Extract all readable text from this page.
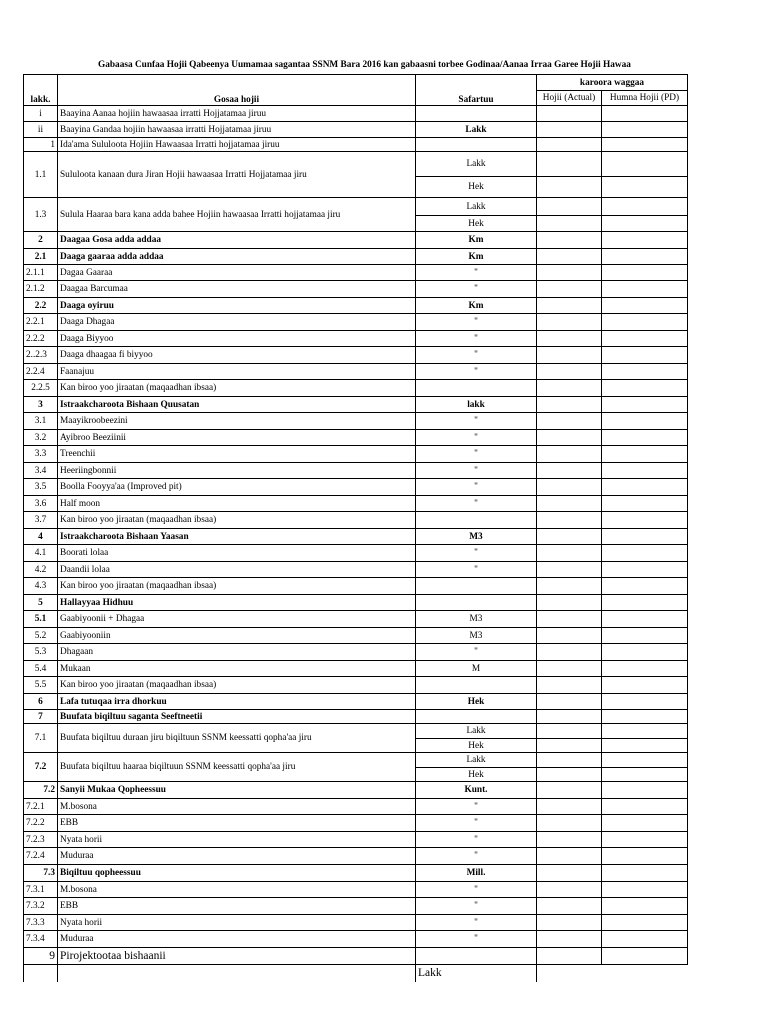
Gabaasa Cunfaa Hojii Qabeenya Uumamaa sagantaa SSNM Bara 2016 kan gabaasni torbee Godinaa/Aanaa Irraa Garee Hojii Hawaa
lakk.	Gosaa hojii	Safartuu	karoora waggaa		
			Hojii (Actual)	Humna Hojii (PD)	
i	Baayina Aanaa hojiin hawaasaa irratti Hojjatamaa jiruu				
ii	Baayina Gandaa hojiin hawaasaa irratti Hojjatamaa jiruu	Lakk			
1	Ida'ama Sululoota Hojiin Hawaasaa Irratti hojjatamaa jiruu				
1.1	Sululoota kanaan dura Jiran Hojii hawaasaa Irratti Hojjatamaa jiru	Lakk			
		Hek			
1.3	Sulula Haaraa bara kana adda bahee Hojiin hawaasaa Irratti hojjatamaa jiru	Lakk			
		Hek			
2	Daagaa Gosa adda addaa	Km			
2.1	Daaga gaaraa adda addaa	Km			
2.1.1	Dagaa Gaaraa	"			
2.1.2	Daagaa Barcumaa	"			
2.2	Daaga oyiruu	Km			
2.2.1	Daaga Dhagaa	"			
2.2.2	Daaga Biyyoo	"			
2..2.3	Daaga dhaagaa fi biyyoo	"			
2.2.4	Faanajuu	"			
2.2.5	Kan biroo yoo jiraatan (maqaadhan ibsaa)				
3	Istraakcharoota Bishaan Quusatan	lakk			
3.1	Maayikroobeezini	"			
3.2	Ayibroo Beeziinii	"			
3.3	Treenchii	"			
3.4	Heeriingbonnii	"			
3.5	Boolla Fooyya'aa (Improved pit)	"			
3.6	Half moon	"			
3.7	Kan biroo yoo jiraatan (maqaadhan ibsaa)				
4	Istraakcharoota Bishaan Yaasan	M3			
4.1	Boorati lolaa	"			
4.2	Daandii lolaa	"			
4.3	Kan biroo yoo jiraatan (maqaadhan ibsaa)				
5	Hallayyaa Hidhuu				
5.1	Gaabiyoonii + Dhagaa	M3			
5.2	Gaabiyooniin	M3			
5.3	Dhagaan	"			
5.4	Mukaan	M			
5.5	Kan biroo yoo jiraatan (maqaadhan ibsaa)				
6	Lafa tutuqaa irra dhorkuu	Hek			
7	Buufata biqiltuu saganta Seeftneetii				
7.1	Buufata biqiltuu duraan jiru biqiltuun SSNM keessatti qopha'aa jiru	Lakk			
		Hek			
7.2	Buufata biqiltuu haaraa biqiltuun SSNM keessatti qopha'aa jiru	Lakk			
		Hek			
7.2	Sanyii Mukaa Qopheessuu	Kunt.			
7.2.1	M.bosona	"			
7.2.2	EBB	"			
7.2.3	Nyata horii	"			
7.2.4	Muduraa	"			
7.3	Biqiltuu qopheessuu	Mill.			
7.3.1	M.bosona	"			
7.3.2	EBB	"			
7.3.3	Nyata horii	"			
7.3.4	Muduraa	"			
9	Pirojektootaa bishaanii				
		Lakk			
